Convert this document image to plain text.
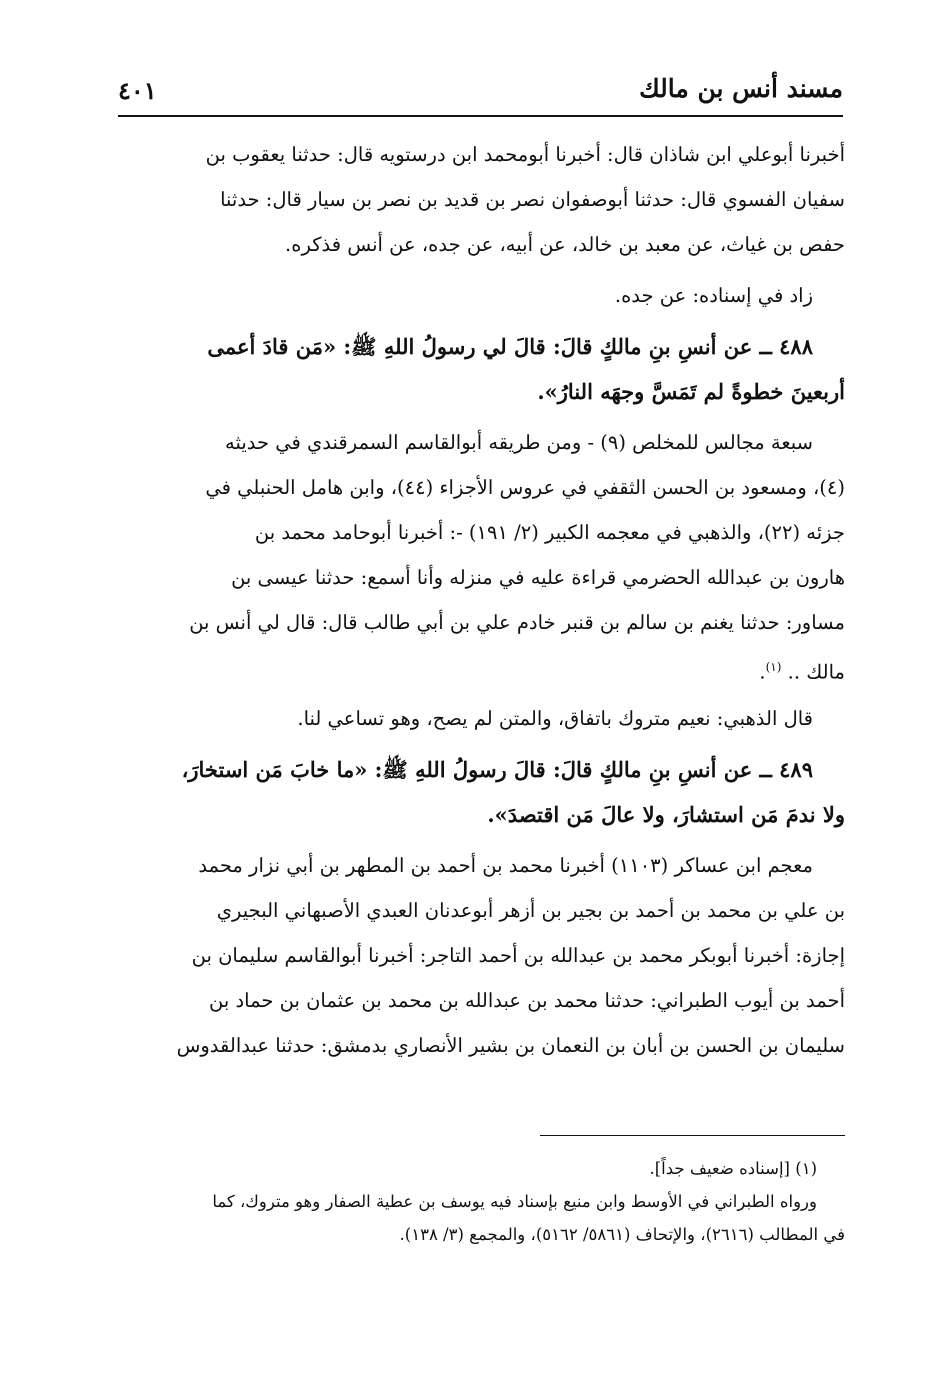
مسند أنس بن مالك
٤٠١
أخبرنا أبوعلي ابن شاذان قال: أخبرنا أبومحمد ابن درستويه قال: حدثنا يعقوب بن
سفيان الفسوي قال: حدثنا أبوصفوان نصر بن قديد بن نصر بن سيار قال: حدثنا
حفص بن غياث، عن معبد بن خالد، عن أبيه، عن جده، عن أنس فذكره.
زاد في إسناده: عن جده.
٤٨٨ ــ عن أنسِ بنِ مالكٍ قالَ: قالَ لي رسولُ اللهِ ﷺ: «مَن قادَ أعمى
أربعينَ خطوةً لم تَمَسَّ وجهَه النارُ».
سبعة مجالس للمخلص (٩) - ومن طريقه أبوالقاسم السمرقندي في حديثه
(٤)، ومسعود بن الحسن الثقفي في عروس الأجزاء (٤٤)، وابن هامل الحنبلي في
جزئه (٢٢)، والذهبي في معجمه الكبير (٢/ ١٩١) -: أخبرنا أبوحامد محمد بن
هارون بن عبدالله الحضرمي قراءة عليه في منزله وأنا أسمع: حدثنا عيسى بن
مساور: حدثنا يغنم بن سالم بن قنبر خادم علي بن أبي طالب قال: قال لي أنس بن
مالك .. $^{(١)}$.
قال الذهبي: نعيم متروك باتفاق، والمتن لم يصح، وهو تساعي لنا.
٤٨٩ ــ عن أنسِ بنِ مالكٍ قالَ: قالَ رسولُ اللهِ ﷺ: «ما خابَ مَن استخارَ،
ولا ندمَ مَن استشارَ، ولا عالَ مَن اقتصدَ».
معجم ابن عساكر (١١٠٣) أخبرنا محمد بن أحمد بن المطهر بن أبي نزار محمد
بن علي بن محمد بن أحمد بن بجير بن أزهر أبوعدنان العبدي الأصبهاني البجيري
إجازة: أخبرنا أبوبكر محمد بن عبدالله بن أحمد التاجر: أخبرنا أبوالقاسم سليمان بن
أحمد بن أيوب الطبراني: حدثنا محمد بن عبدالله بن محمد بن عثمان بن حماد بن
سليمان بن الحسن بن أبان بن النعمان بن بشير الأنصاري بدمشق: حدثنا عبدالقدوس
(١) [إسناده ضعيف جداً].
ورواه الطبراني في الأوسط وابن منيع بإسناد فيه يوسف بن عطية الصفار وهو متروك، كما
في المطالب (٢٦١٦)، والإتحاف (٥٨٦١/ ٥١٦٢)، والمجمع (٣/ ١٣٨).
